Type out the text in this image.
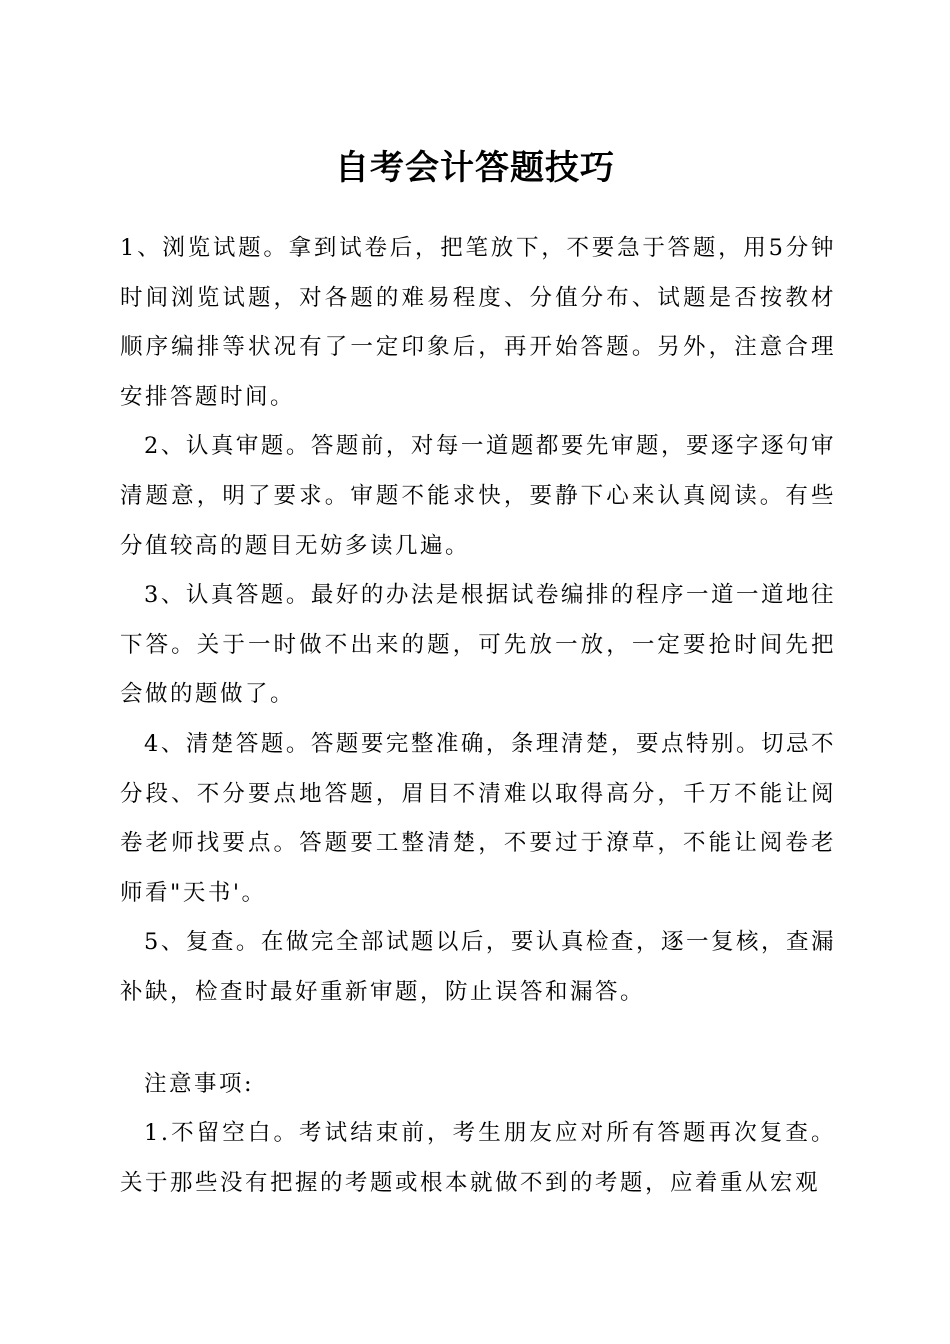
自考会计答题技巧

1、浏览试题。拿到试卷后，把笔放下，不要急于答题，用5分钟时间浏览试题，对各题的难易程度、分值分布、试题是否按教材顺序编排等状况有了一定印象后，再开始答题。另外，注意合理安排答题时间。

2、认真审题。答题前，对每一道题都要先审题，要逐字逐句审清题意，明了要求。审题不能求快，要静下心来认真阅读。有些分值较高的题目无妨多读几遍。

3、认真答题。最好的办法是根据试卷编排的程序一道一道地往下答。关于一时做不出来的题，可先放一放，一定要抢时间先把会做的题做了。

4、清楚答题。答题要完整准确，条理清楚，要点特别。切忌不分段、不分要点地答题，眉目不清难以取得高分，千万不能让阅卷老师找要点。答题要工整清楚，不要过于潦草，不能让阅卷老师看"天书'。

5、复查。在做完全部试题以后，要认真检查，逐一复核，查漏补缺，检查时最好重新审题，防止误答和漏答。

注意事项:

1.不留空白。考试结束前，考生朋友应对所有答题再次复查。关于那些没有把握的考题或根本就做不到的考题，应着重从宏观
